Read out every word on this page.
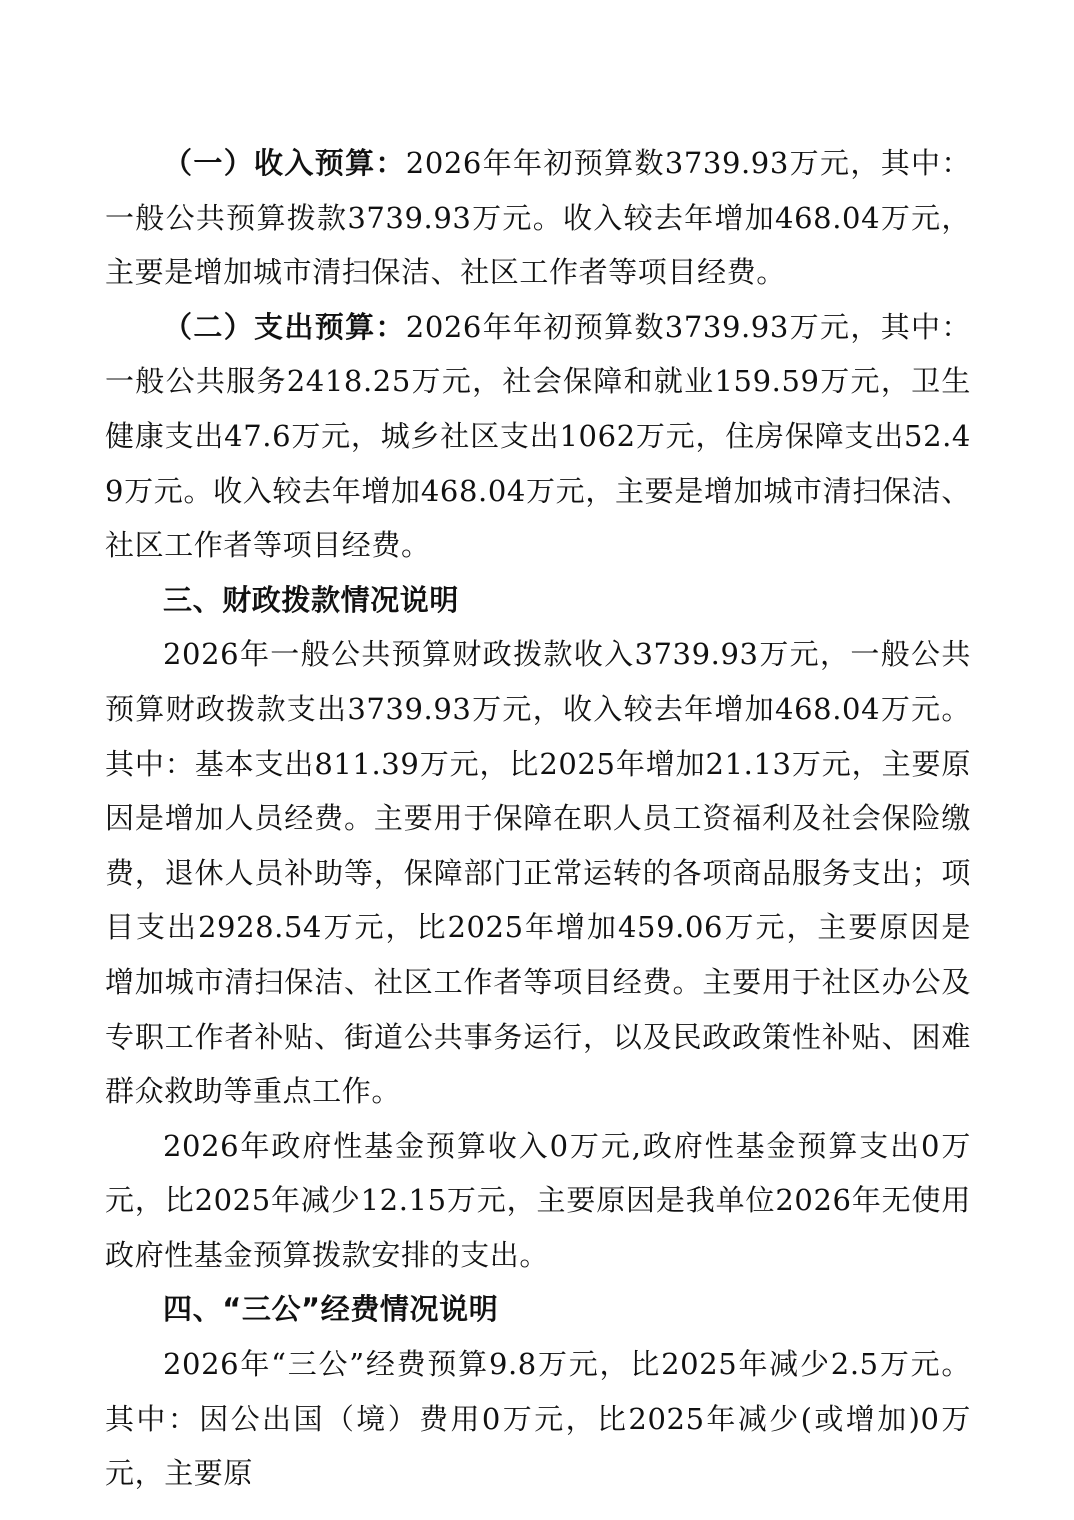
（一）收入预算：2026年年初预算数3739.93万元，其中：一般公共预算拨款3739.93万元。收入较去年增加468.04万元，主要是增加城市清扫保洁、社区工作者等项目经费。

（二）支出预算：2026年年初预算数3739.93万元，其中：一般公共服务2418.25万元，社会保障和就业159.59万元，卫生健康支出47.6万元，城乡社区支出1062万元，住房保障支出52.49万元。收入较去年增加468.04万元，主要是增加城市清扫保洁、社区工作者等项目经费。

三、财政拨款情况说明

2026年一般公共预算财政拨款收入3739.93万元，一般公共预算财政拨款支出3739.93万元，收入较去年增加468.04万元。其中：基本支出811.39万元，比2025年增加21.13万元，主要原因是增加人员经费。主要用于保障在职人员工资福利及社会保险缴费，退休人员补助等，保障部门正常运转的各项商品服务支出；项目支出2928.54万元，比2025年增加459.06万元，主要原因是增加城市清扫保洁、社区工作者等项目经费。主要用于社区办公及专职工作者补贴、街道公共事务运行，以及民政政策性补贴、困难群众救助等重点工作。

2026年政府性基金预算收入0万元,政府性基金预算支出0万元，比2025年减少12.15万元，主要原因是我单位2026年无使用政府性基金预算拨款安排的支出。

四、“三公”经费情况说明

2026年“三公”经费预算9.8万元，比2025年减少2.5万元。其中：因公出国（境）费用0万元，比2025年减少(或增加)0万元，主要原
